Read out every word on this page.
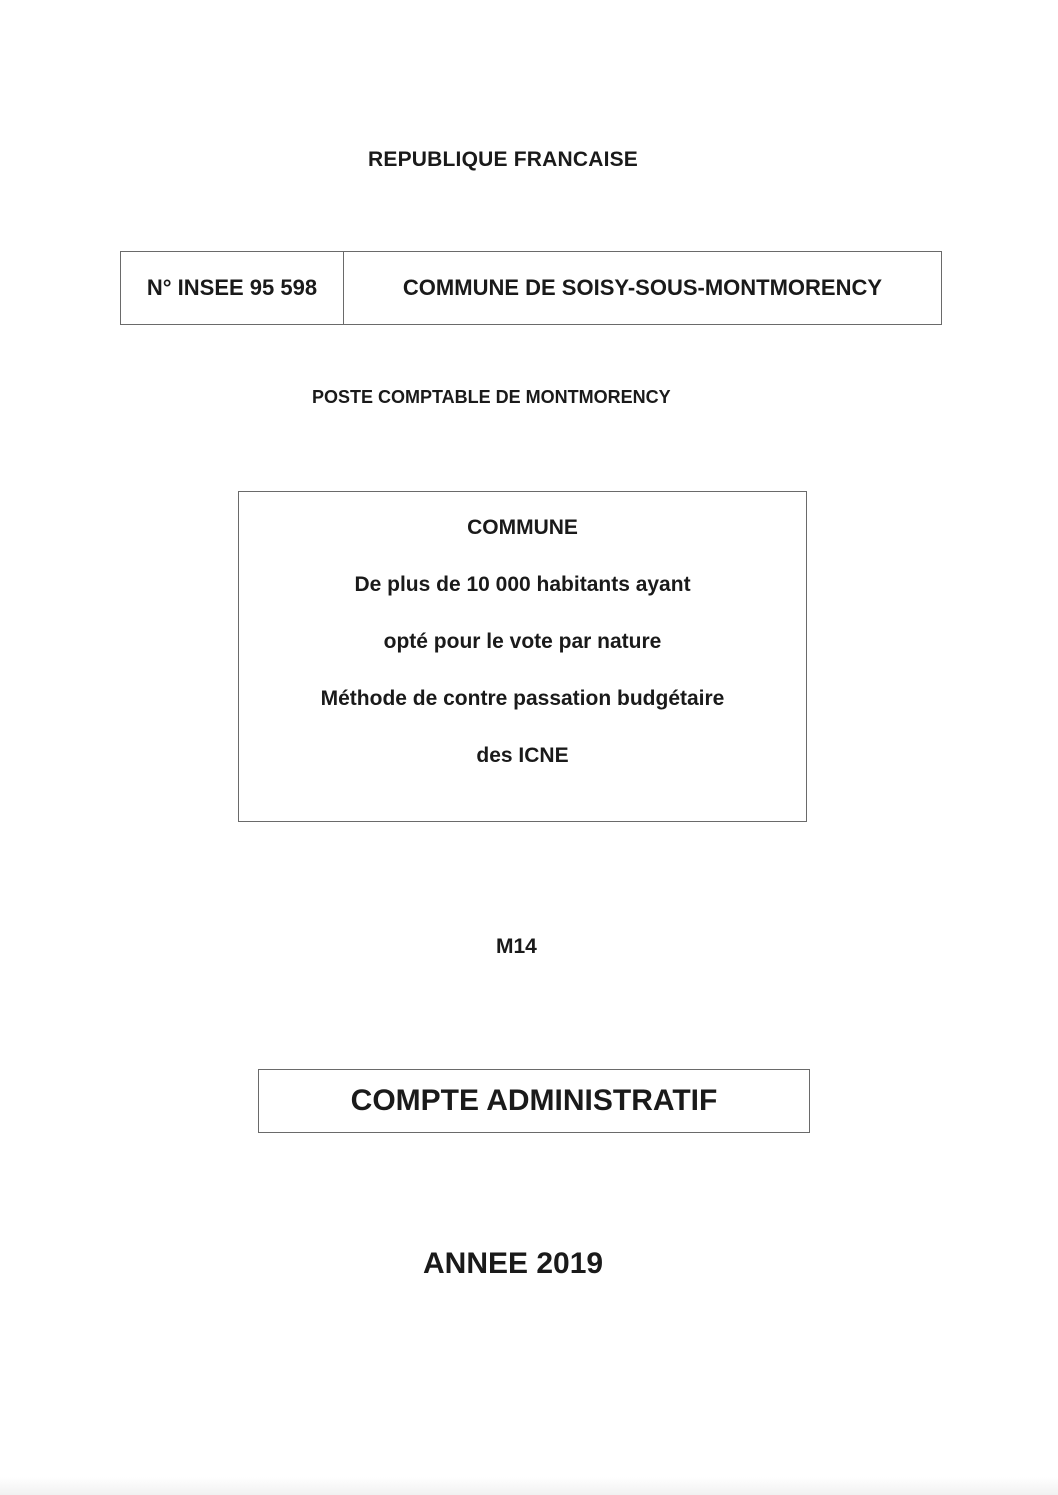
REPUBLIQUE FRANCAISE
N° INSEE 95 598	COMMUNE DE SOISY-SOUS-MONTMORENCY
POSTE COMPTABLE DE MONTMORENCY
COMMUNE
De plus de 10 000 habitants ayant
opté pour le vote par nature
Méthode de contre passation budgétaire
des ICNE
M14
COMPTE ADMINISTRATIF
ANNEE 2019
